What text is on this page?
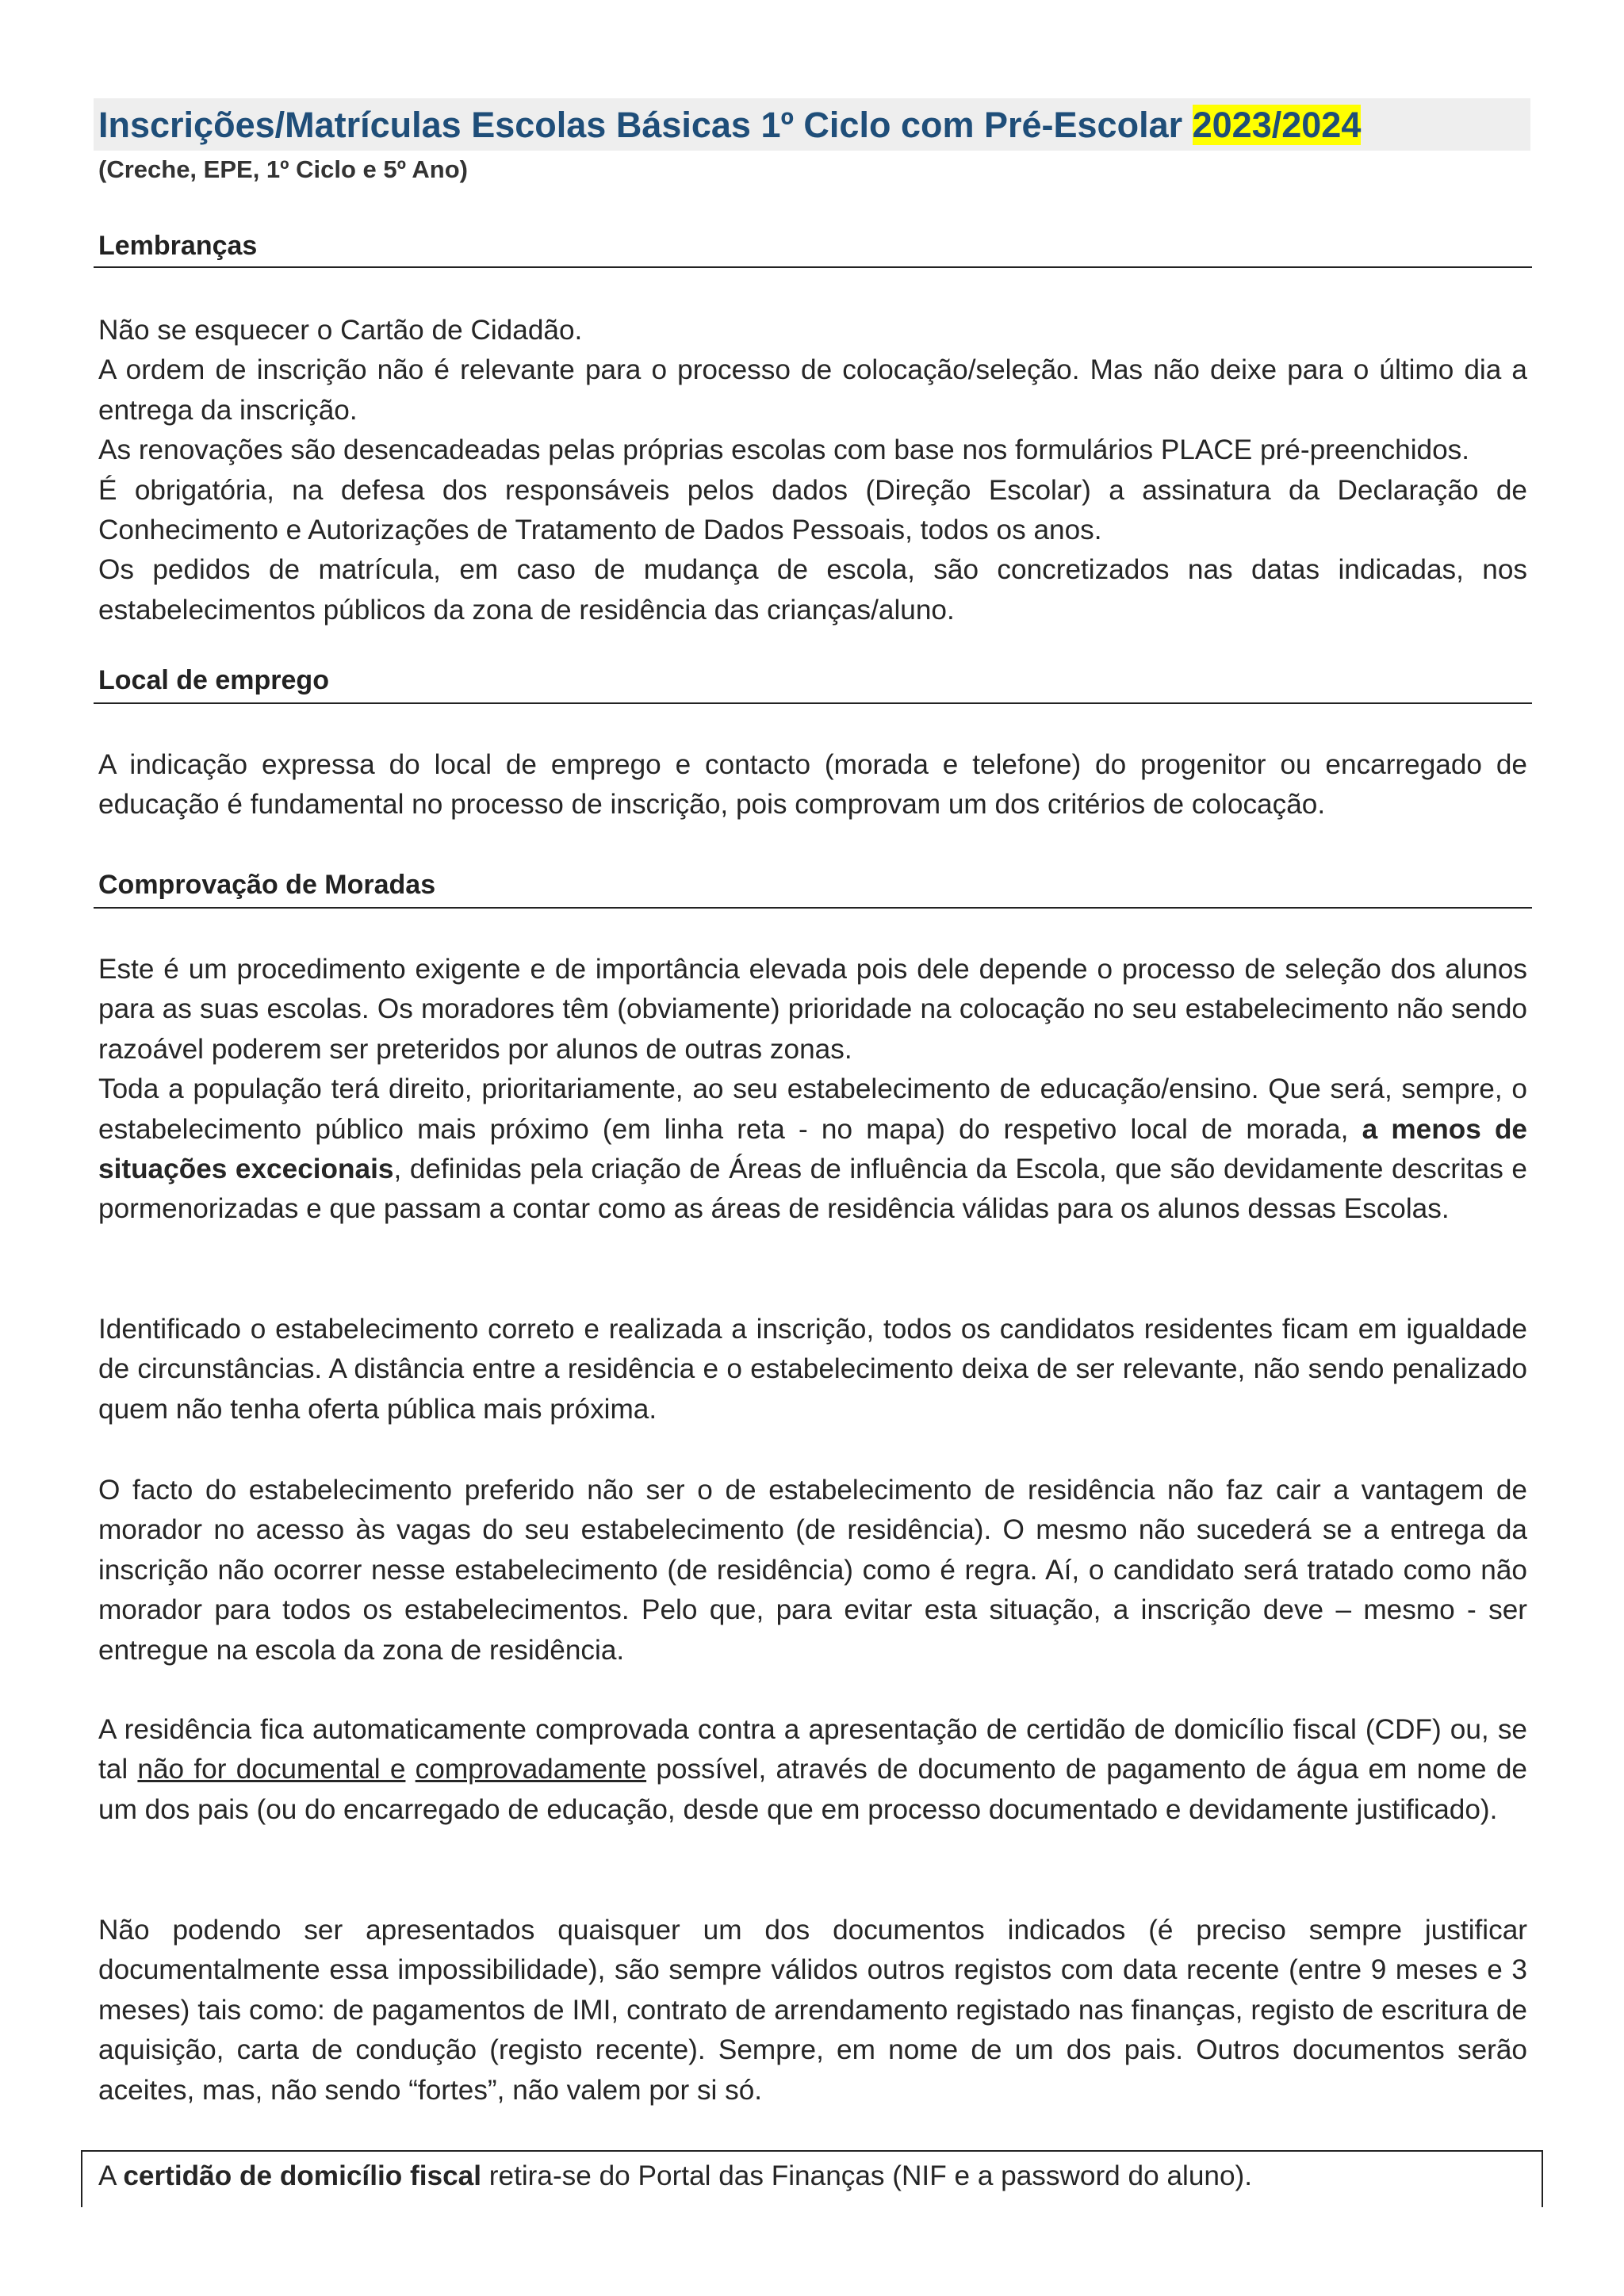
Inscrições/Matrículas Escolas Básicas 1º Ciclo com Pré-Escolar 2023/2024
(Creche, EPE, 1º Ciclo e 5º Ano)
Lembranças

Não se esquecer o Cartão de Cidadão.

A ordem de inscrição não é relevante para o processo de colocação/seleção. Mas não deixe para o último dia a entrega da inscrição.

As renovações são desencadeadas pelas próprias escolas com base nos formulários PLACE pré-preenchidos.

É obrigatória, na defesa dos responsáveis pelos dados (Direção Escolar) a assinatura da Declaração de Conhecimento e Autorizações de Tratamento de Dados Pessoais, todos os anos.

Os pedidos de matrícula, em caso de mudança de escola, são concretizados nas datas indicadas, nos estabelecimentos públicos da zona de residência das crianças/aluno.

Local de emprego

A indicação expressa do local de emprego e contacto (morada e telefone) do progenitor ou encarregado de educação é fundamental no processo de inscrição, pois comprovam um dos critérios de colocação.

Comprovação de Moradas

Este é um procedimento exigente e de importância elevada pois dele depende o processo de seleção dos alunos para as suas escolas. Os moradores têm (obviamente) prioridade na colocação no seu estabelecimento não sendo razoável poderem ser preteridos por alunos de outras zonas.

Toda a população terá direito, prioritariamente, ao seu estabelecimento de educação/ensino. Que será, sempre, o estabelecimento público mais próximo (em linha reta - no mapa) do respetivo local de morada, a menos de situações excecionais, definidas pela criação de Áreas de influência da Escola, que são devidamente descritas e pormenorizadas e que passam a contar como as áreas de residência válidas para os alunos dessas Escolas.

Identificado o estabelecimento correto e realizada a inscrição, todos os candidatos residentes ficam em igualdade de circunstâncias. A distância entre a residência e o estabelecimento deixa de ser relevante, não sendo penalizado quem não tenha oferta pública mais próxima.

O facto do estabelecimento preferido não ser o de estabelecimento de residência não faz cair a vantagem de morador no acesso às vagas do seu estabelecimento (de residência). O mesmo não sucederá se a entrega da inscrição não ocorrer nesse estabelecimento (de residência) como é regra. Aí, o candidato será tratado como não morador para todos os estabelecimentos. Pelo que, para evitar esta situação, a inscrição deve – mesmo - ser entregue na escola da zona de residência.

A residência fica automaticamente comprovada contra a apresentação de certidão de domicílio fiscal (CDF) ou, se tal não for documental e comprovadamente possível, através de documento de pagamento de água em nome de um dos pais (ou do encarregado de educação, desde que em processo documentado e devidamente justificado).

Não podendo ser apresentados quaisquer um dos documentos indicados (é preciso sempre justificar documentalmente essa impossibilidade), são sempre válidos outros registos com data recente (entre 9 meses e 3 meses) tais como: de pagamentos de IMI, contrato de arrendamento registado nas finanças, registo de escritura de aquisição, carta de condução (registo recente). Sempre, em nome de um dos pais. Outros documentos serão aceites, mas, não sendo “fortes”, não valem por si só.

A certidão de domicílio fiscal retira-se do Portal das Finanças (NIF e a password do aluno).
